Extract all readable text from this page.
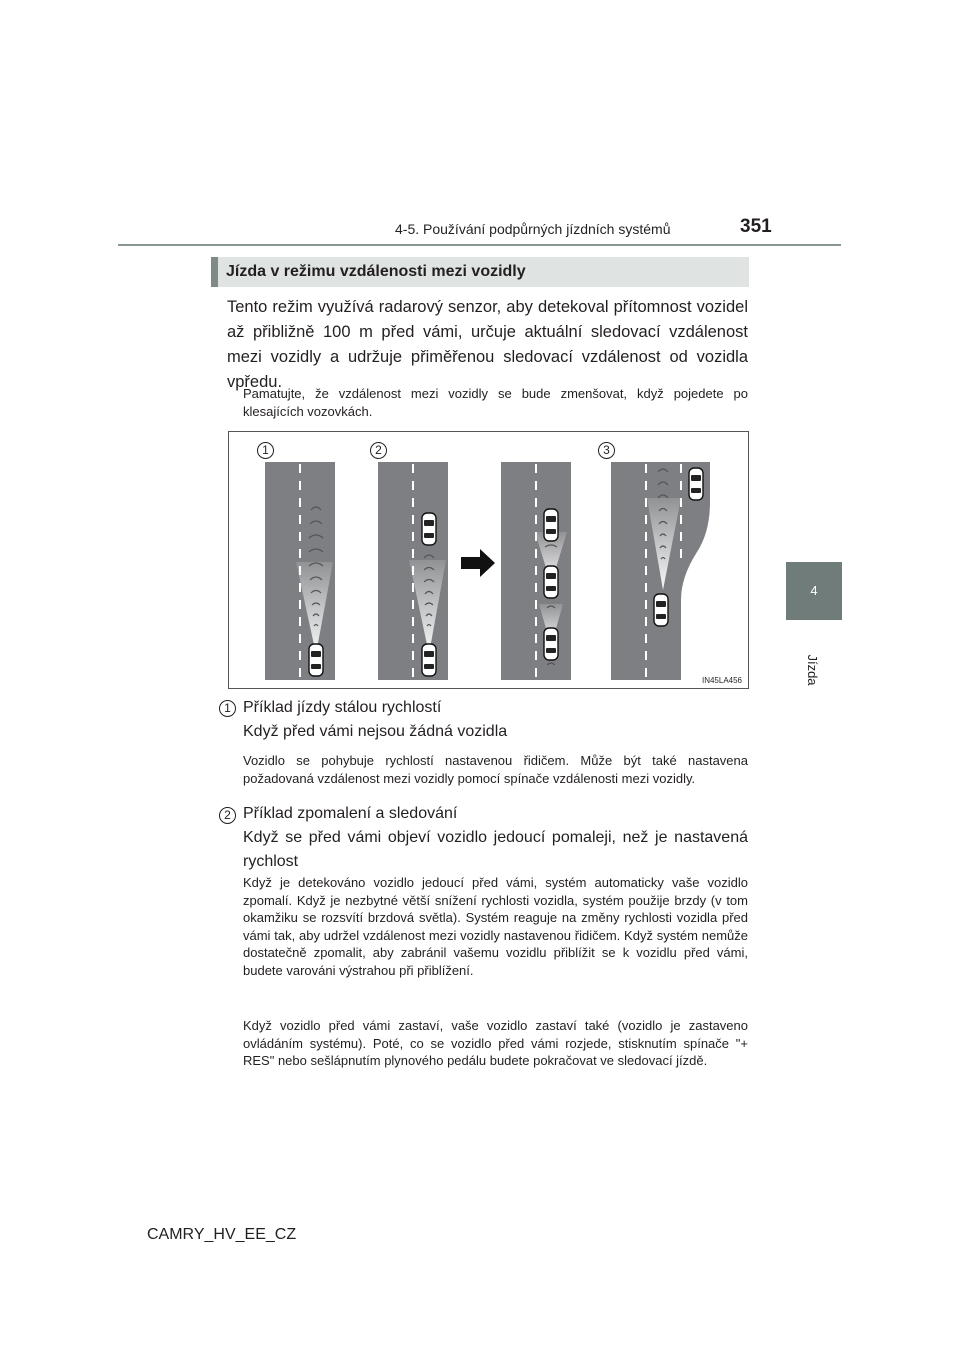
4-5. Používání podpůrných jízdních systémů	351
4
Jízda
Jízda v režimu vzdálenosti mezi vozidly
Tento režim využívá radarový senzor, aby detekoval přítomnost vozidel až přibližně 100 m před vámi, určuje aktuální sledovací vzdálenost mezi vozidly a udržuje přiměřenou sledovací vzdálenost od vozidla vpředu.
Pamatujte, že vzdálenost mezi vozidly se bude zmenšovat, když pojedete po klesajících vozovkách.
1	2	3
IN45LA456
1 Příklad jízdy stálou rychlostí
Když před vámi nejsou žádná vozidla
Vozidlo se pohybuje rychlostí nastavenou řidičem. Může být také nastavena požadovaná vzdálenost mezi vozidly pomocí spínače vzdálenosti mezi vozidly.
2 Příklad zpomalení a sledování
Když se před vámi objeví vozidlo jedoucí pomaleji, než je nastavená rychlost
Když je detekováno vozidlo jedoucí před vámi, systém automaticky vaše vozidlo zpomalí. Když je nezbytné větší snížení rychlosti vozidla, systém použije brzdy (v tom okamžiku se rozsvítí brzdová světla). Systém reaguje na změny rychlosti vozidla před vámi tak, aby udržel vzdálenost mezi vozidly nastavenou řidičem. Když systém nemůže dostatečně zpomalit, aby zabránil vašemu vozidlu přiblížit se k vozidlu před vámi, budete varováni výstrahou při přiblížení.
Když vozidlo před vámi zastaví, vaše vozidlo zastaví také (vozidlo je zastaveno ovládáním systému). Poté, co se vozidlo před vámi rozjede, stisknutím spínače "+ RES" nebo sešlápnutím plynového pedálu budete pokračovat ve sledovací jízdě.
CAMRY_HV_EE_CZ
